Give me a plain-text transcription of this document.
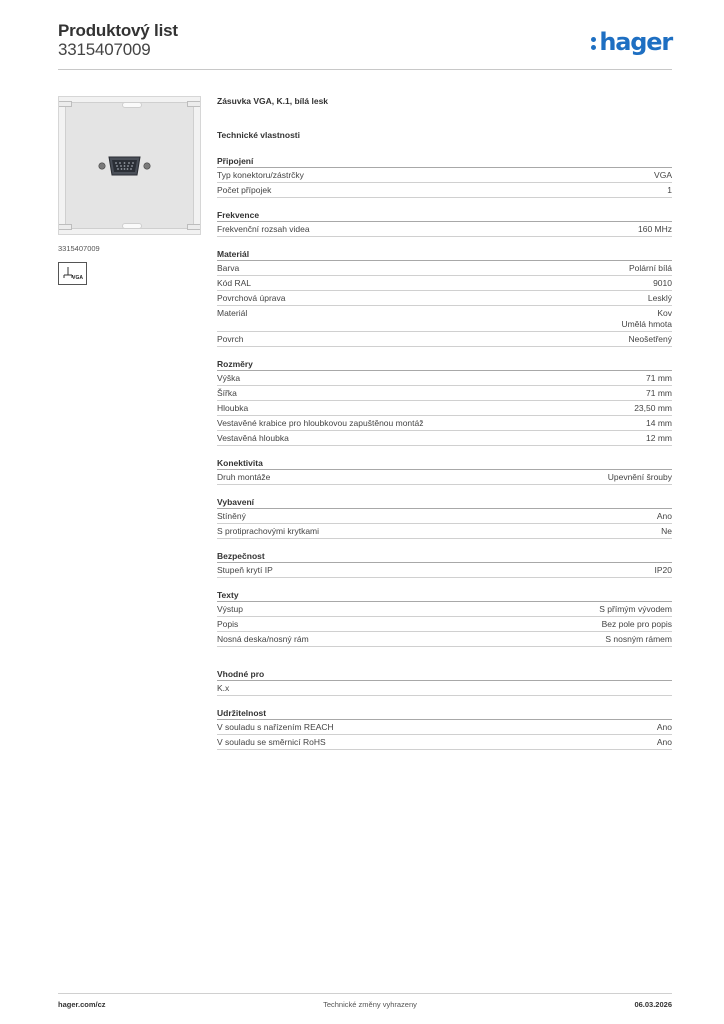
Produktový list
3315407009	hager
3315407009
VGA
Zásuvka VGA, K.1, bílá lesk
Technické vlastnosti
Připojení
Typ konektoru/zástrčky	VGA
Počet přípojek	1
Frekvence
Frekvenční rozsah videa	160 MHz
Materiál
Barva	Polární bílá
Kód RAL	9010
Povrchová úprava	Lesklý
Materiál	Kov
Umělá hmota
Povrch	Neošetřený
Rozměry
Výška	71 mm
Šířka	71 mm
Hloubka	23,50 mm
Vestavěné krabice pro hloubkovou zapuštěnou montáž	14 mm
Vestavěná hloubka	12 mm
Konektivita
Druh montáže	Upevnění šrouby
Vybavení
Stíněný	Ano
S protiprachovými krytkami	Ne
Bezpečnost
Stupeň krytí IP	IP20
Texty
Výstup	S přímým vývodem
Popis	Bez pole pro popis
Nosná deska/nosný rám	S nosným rámem
Vhodné pro
K.x
Udržitelnost
V souladu s nařízením REACH	Ano
V souladu se směrnicí RoHS	Ano
hager.com/cz	Technické změny vyhrazeny	06.03.2026
